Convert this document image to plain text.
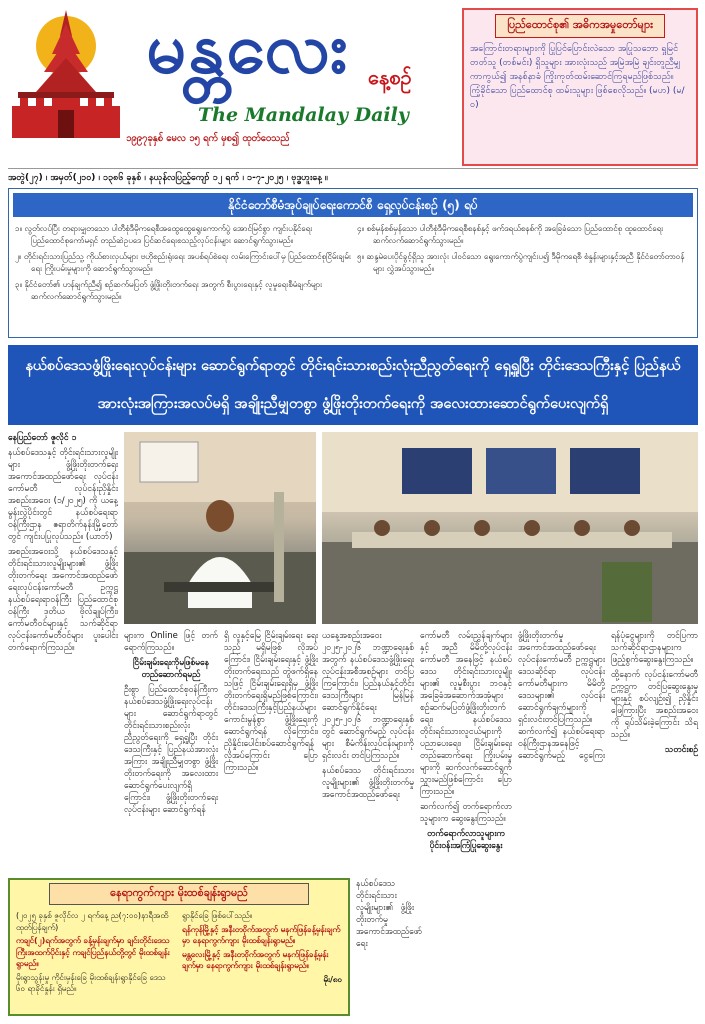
မန္တလေး နေ့စဉ်
The Mandalay Daily
၁၉၉၇ခုနှစ် မေလ ၁၅ ရက် မှစ၍ ထုတ်ဝေသည်
ပြည်ထောင်စု၏ အဓိကအမှုတော်များ
အကြောင်းတရားများကို ပြုပြင်ပြောင်းလဲသော အပြုသဘော ရှုမြင်တတ်သူ (တစ်မင်း) ရှိသူများ အားလုံးသည် အမြဲအမြဲ ချင်းတူညီမျှ ကာကွယ်၍ အနစ်နာခံ ကြိုးကုတ်ထမ်းဆောင်ကြရမည်ဖြစ်သည်။ ကြံ့ခိုင်သော ပြည်ထောင်စု ထမ်းသူများ ဖြစ်စေလိုသည်။ (မဟ) (မ/၀)
အတွဲ(၂၇) ၊ အမှတ်(၂၁၀) ၊ ၁၃၈၆ ခုနှစ် ၊ နယုန်လပြည့်ကျော် ၁၂ ရက် ၊ ၁-၇-၂၀၂၅ ၊ ဗုဒ္ဓဟူးနေ့ ။
နိုင်ငံတော်စီမံအုပ်ချုပ်ရေးကောင်စီ ရှေ့လုပ်ငန်းစဉ် (၅) ရပ်

၁။ လွတ်လပ်ပြီး တရားမျှတသော ပါတီစုံဒီမိုကရေစီအထွေထွေရွေးကောက်ပွဲ အောင်မြင်စွာ ကျင်းပနိုင်ရေး ပြည်ထောင်စုကော်မရှင် တည်ဆဲဥပဒေ ပြင်ဆင်ရေးစသည့်လုပ်ငန်းများ ဆောင်ရွက်သွားမည်။

၂။ တိုင်းရင်းသားပြည်သူ့ ကိုယ်စားလှယ်များ ဗဟိုစည်းရုံးရေး အပစ်ရပ်စဲရေး လမ်းကြောင်းပေါ်မှ ပြည်ထောင်စုငြိမ်းချမ်းရေး ကြိုးပမ်းမှုများကို ဆောင်ရွက်သွားမည်။

၃။ နိုင်ငံတော်၏ ဟန်ချက်ညီ၍ စဉ်ဆက်မပြတ် ဖွံ့ဖြိုးတိုးတက်ရေး အတွက် စီးပွားရေးနှင့် လူမှုရေးစီမံချက်များ ဆက်လက်ဆောင်ရွက်သွားမည်။

၄။ စစ်မှန်စစ်မှန်သော ပါတီစုံဒီမိုကရေစီစနစ်နှင့် ဖက်ဒရယ်စနစ်ကို အခြေခံသော ပြည်ထောင်စု ထူထောင်ရေး ဆက်လက်ဆောင်ရွက်သွားမည်။

၅။ ဆန္ဒမဲပေးပိုင်ခွင့်ရှိသူ အားလုံး ပါဝင်သော ရွေးကောက်ပွဲကျင်းပ၍ ဒီမိုကရေစီ စံနှုန်းများနှင့်အညီ နိုင်ငံတော်တာဝန်များ လွှဲအပ်သွားမည်။

နယ်စပ်ဒေသဖွံ့ဖြိုးရေးလုပ်ငန်းများ ဆောင်ရွက်ရာတွင် တိုင်းရင်းသားစည်းလုံးညီညွတ်ရေးကို ရှေ့ရှုပြီး တိုင်းဒေသကြီးနှင့် ပြည်နယ်အားလုံးအကြားအလပ်မရှိ အချိုးညီမျှတစွာ ဖွံ့ဖြိုးတိုးတက်ရေးကို အလေးထားဆောင်ရွက်ပေးလျက်ရှိ

နေပြည်တော် ဇူလိုင် ၁

နယ်စပ်ဒေသနှင့် တိုင်းရင်းသားလူမျိုးများ ဖွံ့ဖြိုးတိုးတက်ရေး အကောင်အထည်ဖော်ရေး လုပ်ငန်းကော်မတီ လုပ်ငန်းညှိနှိုင်းအစည်းအဝေး (၁/၂၀၂၅) ကို ယနေ့ မွန်းလွဲပိုင်းတွင် နယ်စပ်ရေးရာဝန်ကြီးဌာန ဧရာတိက်နန်းမြို့တော်တွင် ကျင်းပပြုလုပ်သည်။ (ယာဘ်)

အစည်းအဝေးသို့ နယ်စပ်ဒေသနှင့် တိုင်းရင်းသားလူမျိုးများ၏ ဖွံ့ဖြိုးတိုးတက်ရေး အကောင်အထည်ဖော်ရေးလုပ်ငန်းကော်မတီ ဥက္ကဋ္ဌ နယ်စပ်ရေးရာဝန်ကြီး ပြည်ထောင်စုဝန်ကြီး ဒုတိယ ဗိုလ်ချုပ်ကြီး၊ ကော်မတီဝင်များနှင့် သက်ဆိုင်ရာ လုပ်ငန်းကော်မတီဝင်များ ပူးပေါင်း တက်ရောက်ကြသည်။

များက Online ဖြင့် တက်ရောက်ကြသည်။

ငြိမ်းချမ်းရေးကိုမဖြစ်မနေ တည်ဆောက်ရမည်

ဦးစွာ ပြည်ထောင်စုဝန်ကြီးက နယ်စပ်ဒေသဖွံ့ဖြိုးရေးလုပ်ငန်းများ ဆောင်ရွက်ရာတွင် တိုင်းရင်းသားစည်းလုံးညီညွတ်ရေးကို ရှေ့ရှုပြီး တိုင်းဒေသကြီးနှင့် ပြည်နယ်အားလုံး အကြား အချိုးညီမျှတစွာ ဖွံ့ဖြိုးတိုးတက်ရေးကို အလေးထား ဆောင်ရွက်ပေးလျက်ရှိကြောင်း၊ ဖွံ့ဖြိုးတိုးတက်ရေးလုပ်ငန်းများ ဆောင်ရွက်ရန်

ရှိ လူနှင့်မြေ ငြိမ်းချမ်းရေး ရေးသည် မရှိမဖြစ် လိုအပ်ကြောင်း၊ ငြိမ်းချမ်းရေးနှင့် ဖွံ့ဖြိုးတိုးတက်ရေးသည် တွဲဖက်ရှိနေသဖြင့် ငြိမ်းချမ်းရေးရှိမှ ဖွံ့ဖြိုးတိုးတက်ရေးရှိမည်ဖြစ်ကြောင်း၊ တိုင်းဒေသကြီးနှင့်ပြည်နယ်များ ကောင်းမွန်စွာ ဖွံ့ဖြိုးရေးကို ဆောင်ရွက်ရန် လိုကြောင်း၊ ညှိနှိုင်းပေါင်းစပ်ဆောင်ရွက်ရန် လိုအပ်ကြောင်း ပြောကြားသည်။

ယနေ့အစည်းအဝေး ၂၀၂၅-၂၀၂၆ ဘဏ္ဍာရေးနှစ်အတွက် နယ်စပ်ဒေသဖွံ့ဖြိုးရေး လုပ်ငန်းအစီအစဉ်များ တင်ပြကြကြောင်း၊ ပြည်နယ်နှင့်တိုင်းဒေသကြီးများ မြန်မြန်ဆောင်ရွက်နိုင်ရေး ၂၀၂၅-၂၀၂၆ ဘဏ္ဍာရေးနှစ်တွင် ဆောင်ရွက်မည့် လုပ်ငန်းများ စီမံကိန်းလုပ်ငန်းများကို ရှင်းလင်း တင်ပြကြသည်။

နယ်စပ်ဒေသ တိုင်းရင်းသားလူမျိုးများ၏ ဖွံ့ဖြိုးတိုးတက်မှု အကောင်အထည်ဖော်ရေး

ကော်မတီ လမ်းညွှန်ချက်များနှင့် အညီ မိမိတို့လုပ်ငန်းကော်မတီ အနေဖြင့် နယ်စပ်ဒေသ တိုင်းရင်းသားလူမျိုးများ၏ လူမှုစီးပွား ဘဝနှင့် အခြေခံအဆောက်အအုံများ စဉ်ဆက်မပြတ်ဖွံ့ဖြိုးတိုးတက်ရေး၊ နယ်စပ်ဒေသ တိုင်းရင်းသားလူငယ်များကို ပညာပေးရေး၊ ငြိမ်းချမ်းရေး တည်ဆောက်ရေး ကြိုးပမ်းမှုများကို ဆက်လက်ဆောင်ရွက်သွားမည်ဖြစ်ကြောင်း ပြောကြားသည်။

ဆက်လက်၍ တက်ရောက်လာသူများက ဆွေးနွေးကြသည်။

တက်ရောက်လာသူများက ပိုင်းဝန်းအကြံပြုဆွေးနွေး

ဖွံ့ဖြိုးတိုးတက်မှု အကောင်အထည်ဖော်ရေး လုပ်ငန်းကော်မတီ ဥက္ကဋ္ဌများ ဒေသဆိုင်ရာ လုပ်ငန်းကော်မတီများက မိမိတို့ ဒေသများ၏ လုပ်ငန်းဆောင်ရွက်ချက်များကို ရှင်းလင်းတင်ပြကြသည်။ ဆက်လက်၍ နယ်စပ်ရေးရာ ဝန်ကြီးဌာနအနေဖြင့် ဆောင်ရွက်မည့် ငွေကြေး ရန်ပုံငွေများကို တင်ပြကာ သက်ဆိုင်ရာဌာနများက ဖြည့်စွက်ဆွေးနွေးကြသည်။

ထို့နောက် လုပ်ငန်းကော်မတီ ဥက္ကဋ္ဌက တင်ပြဆွေးနွေးမှုများနှင့် စပ်လျဉ်း၍ ညှိနှိုင်းဖြေကြားပြီး အစည်းအဝေးကို ရုပ်သိမ်းခဲ့ကြောင်း သိရသည်။

သတင်းစဉ်

နယ်စပ်ဒေသ တိုင်းရင်းသားလူမျိုးများ၏ ဖွံ့ဖြိုးတိုးတက်မှု အကောင်အထည်ဖော်ရေး

နေရာကွက်ကျား မိုးထစ်ချန်းရွာမည်

(၂၀၂၅ ခုနှစ် ဇူလိုင်လ ၂ ရက်နေ့ ည(၇:၀၀)နာရီအထိ ထုတ်ပြန်ချက်)

ကချင်(၂)ရက်အတွက် ခန့်မှန်းချက်မှာ ချင်းတိုင်းဒေသကြီးအထက်ပိုင်းနှင့် ကချင်ပြည်နယ်တို့တွင် မိုးထစ်ချန်းရွာမည်။

မိုးရွာသွန်းမှု ကိုင်းမှန်းခြေ မိုးထစ်ချန်းရွာနိုင်ခြေ ဒေသ ၆၀ ရာခိုင်နှုန်း ရှိမည်။

ရွာနိုင်ခြေ ဖြစ်ပေါ်သည်။

ရန်ကုန်မြို့နှင့် အနီးတဝိုက်အတွက် မနက်ဖြန်ခန့်မှန်းချက်မှာ နေရာကွက်ကျား မိုးထစ်ချန်းရွာမည်။

မန္တလေးမြို့နှင့် အနီးတဝိုက်အတွက် မနက်ဖြန်ခန့်မှန်းချက်မှာ နေရာကွက်ကျား မိုးထစ်ချန်းရွာမည်။

မိုး/၈၀
